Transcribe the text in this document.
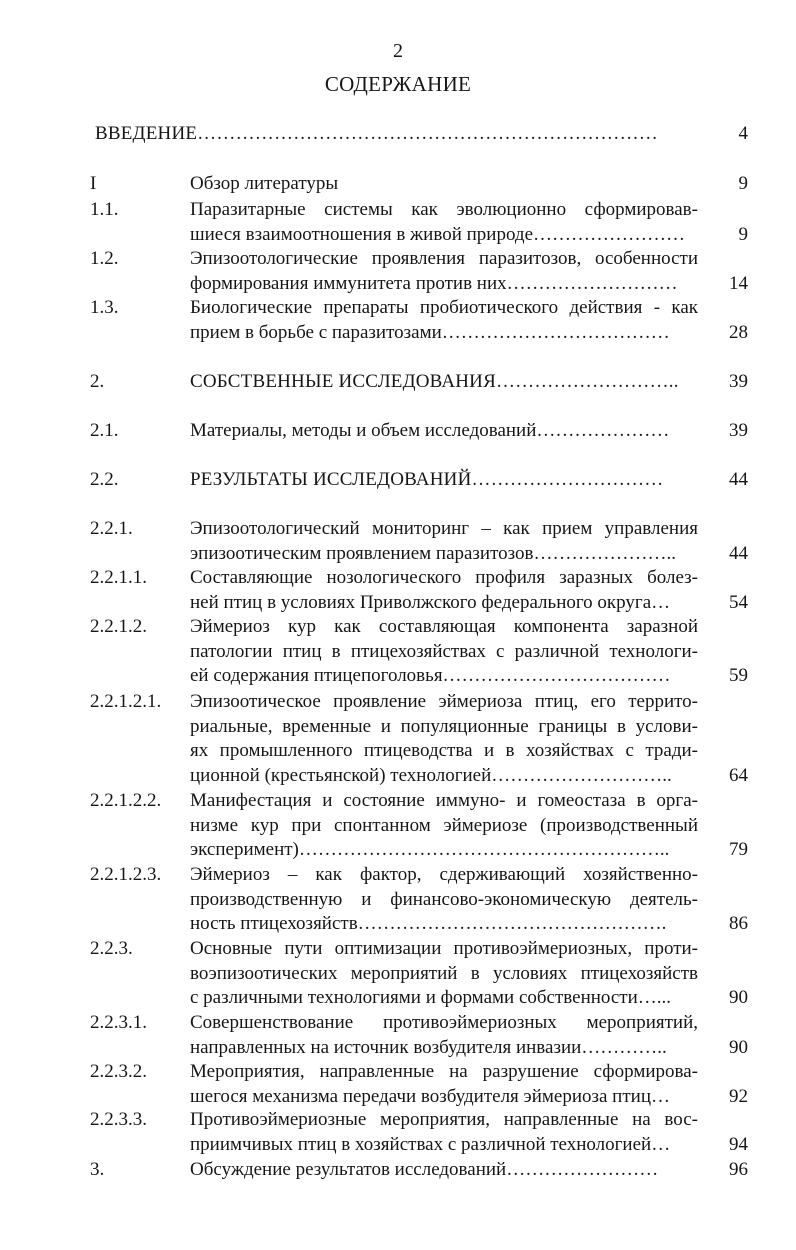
2
СОДЕРЖАНИЕ
ВВЕДЕНИЕ………………………………………………………………	4
I	Обзор литературы	9
1.1.	Паразитарные системы как эволюционно сформировав-
шиеся взаимоотношения в живой природе……………………	9
1.2.	Эпизоотологические проявления паразитозов, особенности
формирования иммунитета против них………………………	14
1.3.	Биологические препараты пробиотического действия - как
прием в борьбе с паразитозами………………………………	28
2.	СОБСТВЕННЫЕ ИССЛЕДОВАНИЯ………………………..	39
2.1.	Материалы, методы и объем исследований…………………	39
2.2.	РЕЗУЛЬТАТЫ ИССЛЕДОВАНИЙ…………………………	44
2.2.1.	Эпизоотологический мониторинг – как прием управления
эпизоотическим проявлением паразитозов…………………..	44
2.2.1.1. Составляющие нозологического профиля заразных болез-
ней птиц в условиях Приволжского федерального округа…	54
2.2.1.2. Эймериоз кур как составляющая компонента заразной
патологии птиц в птицехозяйствах с различной технологи-
ей содержания птицепоголовья………………………………	59
2.2.1.2.1. Эпизоотическое проявление эймериоза птиц, его террито-
риальные, временные и популяционные границы в услови-
ях промышленного птицеводства и в хозяйствах с тради-
ционной (крестьянской) технологией………………………..	64
2.2.1.2.2. Манифестация и состояние иммуно- и гомеостаза в орга-
низме кур при спонтанном эймериозе (производственный
эксперимент)…………………………………………………..	79
2.2.1.2.3. Эймериоз – как фактор, сдерживающий хозяйственно-
производственную и финансово-экономическую деятель-
ность птицехозяйств………………………………………….	86
2.2.3.	Основные пути оптимизации противоэймериозных, проти-
воэпизоотических мероприятий в условиях птицехозяйств
с различными технологиями и формами собственности…...	90
2.2.3.1. Совершенствование противоэймериозных мероприятий,
направленных на источник возбудителя инвазии…………..	90
2.2.3.2. Мероприятия, направленные на разрушение сформирова-
шегося механизма передачи возбудителя эймериоза птиц…	92
2.2.3.3. Противоэймериозные мероприятия, направленные на вос-
приимчивых птиц в хозяйствах с различной технологией…	94
3.	Обсуждение результатов исследований……………………	96
